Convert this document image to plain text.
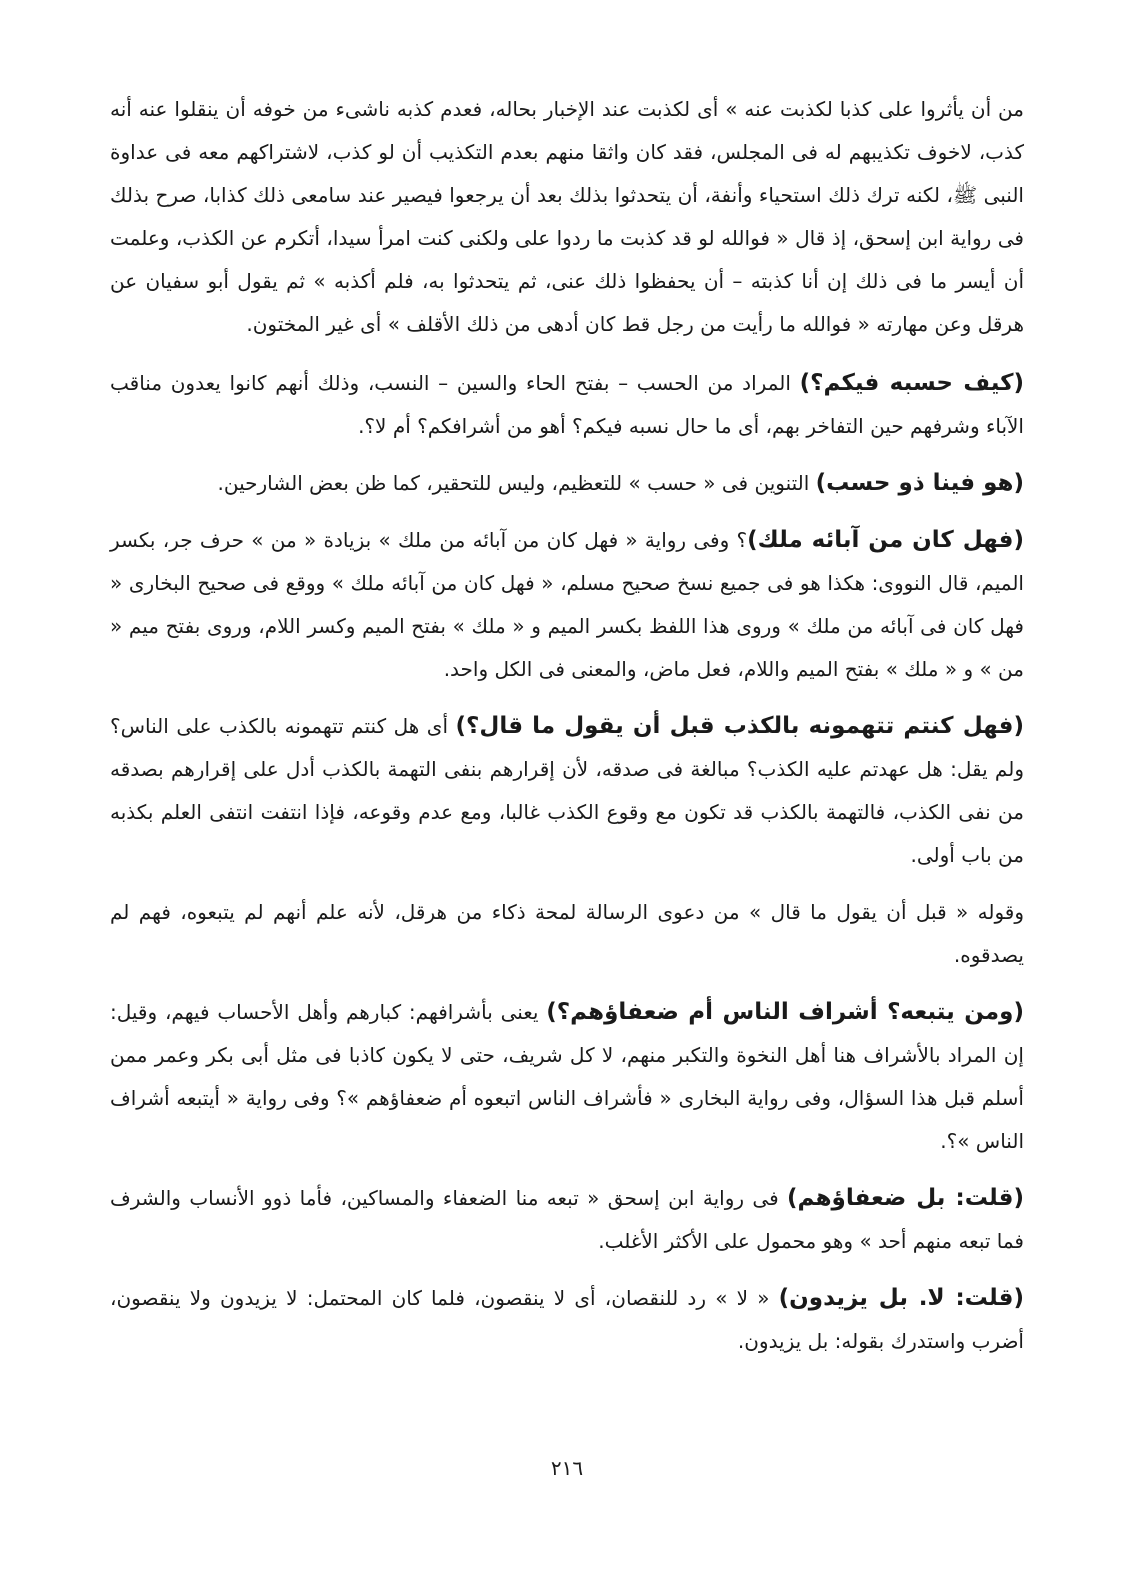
من أن يأثروا على كذبا لكذبت عنه » أى لكذبت عند الإخبار بحاله، فعدم كذبه ناشىء من خوفه أن ينقلوا عنه أنه كذب، لاخوف تكذيبهم له فى المجلس، فقد كان واثقا منهم بعدم التكذيب أن لو كذب، لاشتراكهم معه فى عداوة النبى ﷺ، لكنه ترك ذلك استحياء وأنفة، أن يتحدثوا بذلك بعد أن يرجعوا فيصير عند سامعى ذلك كذابا، صرح بذلك فى رواية ابن إسحق، إذ قال « فوالله لو قد كذبت ما ردوا على ولكنى كنت امرأ سيدا، أتكرم عن الكذب، وعلمت أن أيسر ما فى ذلك إن أنا كذبته – أن يحفظوا ذلك عنى، ثم يتحدثوا به، فلم أكذبه » ثم يقول أبو سفيان عن هرقل وعن مهارته « فوالله ما رأيت من رجل قط كان أدهى من ذلك الأقلف » أى غير المختون.

(كيف حسبه فيكم؟) المراد من الحسب – بفتح الحاء والسين – النسب، وذلك أنهم كانوا يعدون مناقب الآباء وشرفهم حين التفاخر بهم، أى ما حال نسبه فيكم؟ أهو من أشرافكم؟ أم لا؟.

(هو فينا ذو حسب) التنوين فى « حسب » للتعظيم، وليس للتحقير، كما ظن بعض الشارحين.

(فهل كان من آبائه ملك)؟ وفى رواية « فهل كان من آبائه من ملك » بزيادة « من » حرف جر، بكسر الميم، قال النووى: هكذا هو فى جميع نسخ صحيح مسلم، « فهل كان من آبائه ملك » ووقع فى صحيح البخارى « فهل كان فى آبائه من ملك » وروى هذا اللفظ بكسر الميم و « ملك » بفتح الميم وكسر اللام، وروى بفتح ميم « من » و « ملك » بفتح الميم واللام، فعل ماض، والمعنى فى الكل واحد.

(فهل كنتم تتهمونه بالكذب قبل أن يقول ما قال؟) أى هل كنتم تتهمونه بالكذب على الناس؟ ولم يقل: هل عهدتم عليه الكذب؟ مبالغة فى صدقه، لأن إقرارهم بنفى التهمة بالكذب أدل على إقرارهم بصدقه من نفى الكذب، فالتهمة بالكذب قد تكون مع وقوع الكذب غالبا، ومع عدم وقوعه، فإذا انتفت انتفى العلم بكذبه من باب أولى.

وقوله « قبل أن يقول ما قال » من دعوى الرسالة لمحة ذكاء من هرقل، لأنه علم أنهم لم يتبعوه، فهم لم يصدقوه.

(ومن يتبعه؟ أشراف الناس أم ضعفاؤهم؟) يعنى بأشرافهم: كبارهم وأهل الأحساب فيهم، وقيل: إن المراد بالأشراف هنا أهل النخوة والتكبر منهم، لا كل شريف، حتى لا يكون كاذبا فى مثل أبى بكر وعمر ممن أسلم قبل هذا السؤال، وفى رواية البخارى « فأشراف الناس اتبعوه أم ضعفاؤهم »؟ وفى رواية « أيتبعه أشراف الناس »؟.

(قلت: بل ضعفاؤهم) فى رواية ابن إسحق « تبعه منا الضعفاء والمساكين، فأما ذوو الأنساب والشرف فما تبعه منهم أحد » وهو محمول على الأكثر الأغلب.

(قلت: لا. بل يزيدون) « لا » رد للنقصان، أى لا ينقصون، فلما كان المحتمل: لا يزيدون ولا ينقصون، أضرب واستدرك بقوله: بل يزيدون.

٢١٦
